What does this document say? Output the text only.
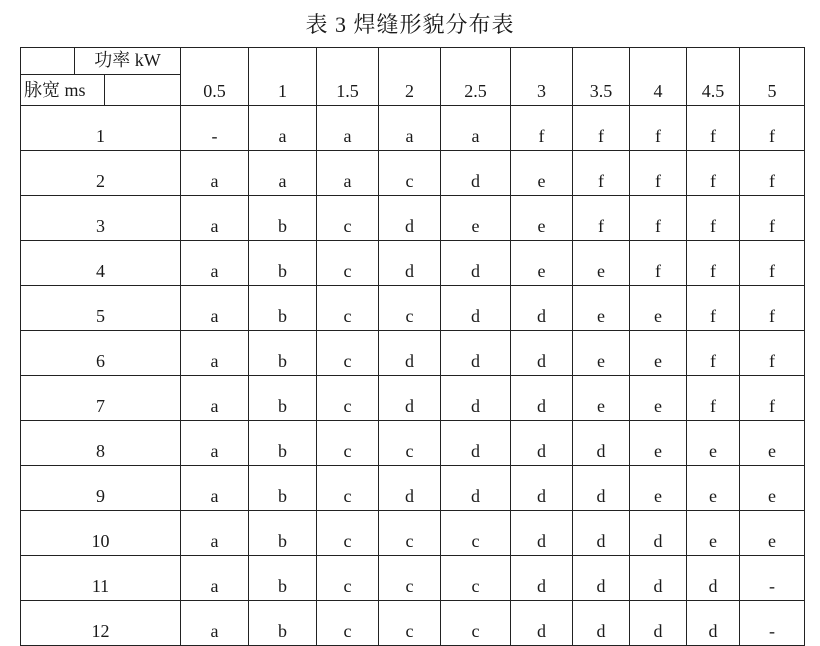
表 3 焊缝形貌分布表
功率 kW	0.5	1	1.5	2	2.5	3	3.5	4	4.5	5

脉宽 ms										

1	-	a	a	a	a	f	f	f	f	f
2	a	a	a	c	d	e	f	f	f	f
3	a	b	c	d	e	e	f	f	f	f
4	a	b	c	d	d	e	e	f	f	f
5	a	b	c	c	d	d	e	e	f	f
6	a	b	c	d	d	d	e	e	f	f
7	a	b	c	d	d	d	e	e	f	f
8	a	b	c	c	d	d	d	e	e	e
9	a	b	c	d	d	d	d	e	e	e
10	a	b	c	c	c	d	d	d	e	e
11	a	b	c	c	c	d	d	d	d	-
12	a	b	c	c	c	d	d	d	d	-
